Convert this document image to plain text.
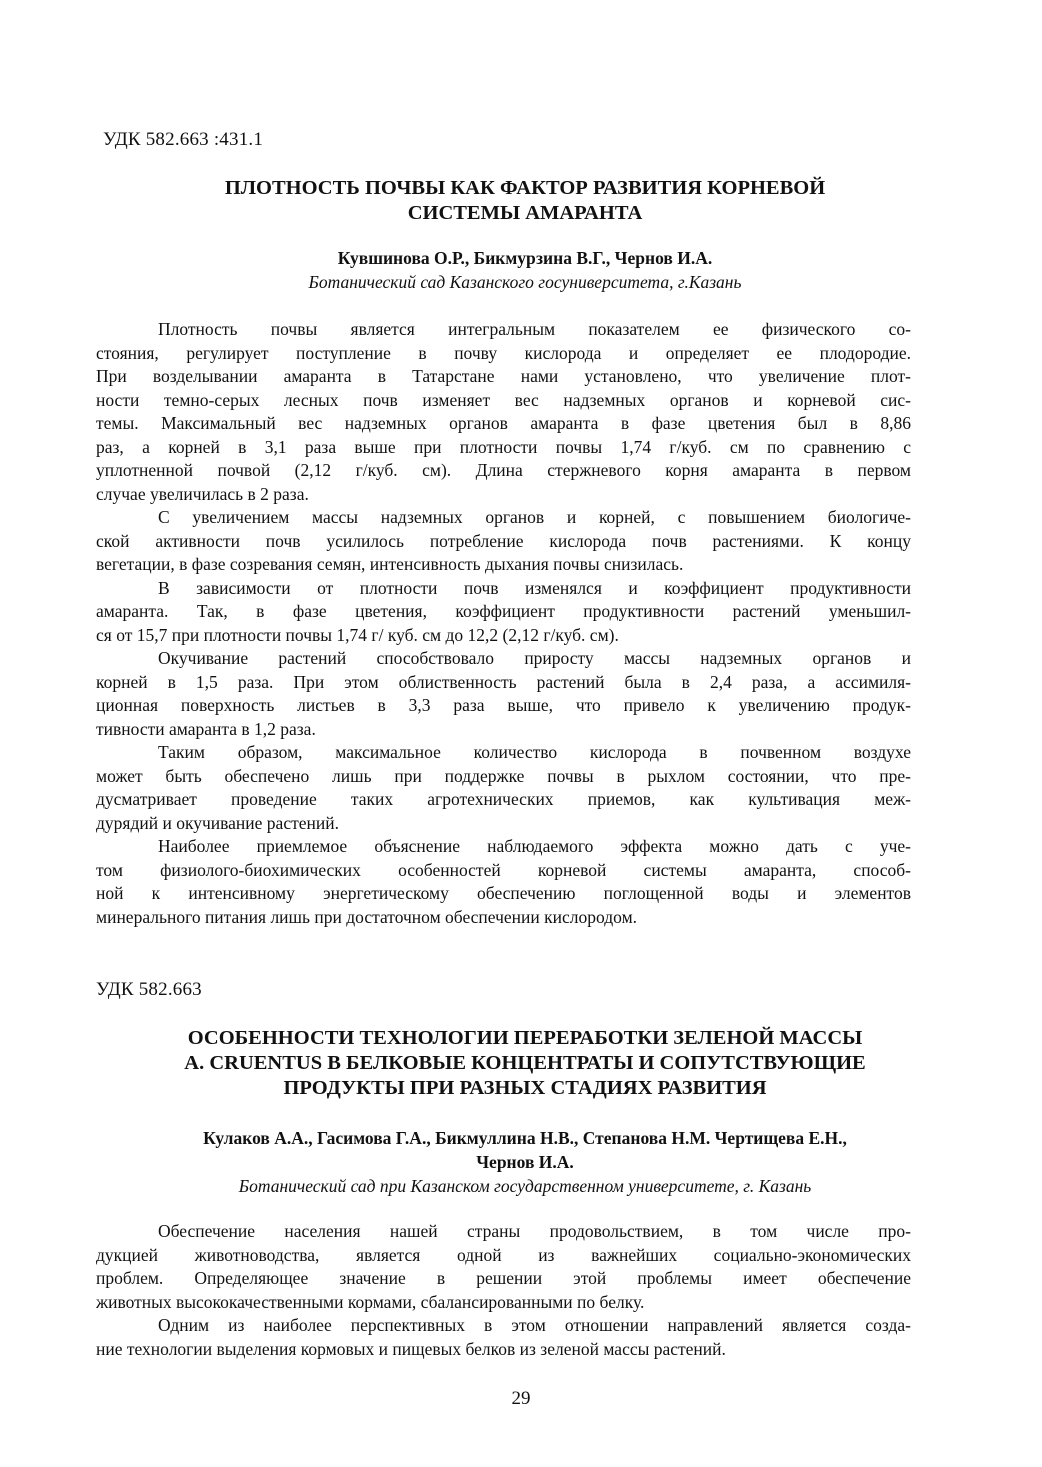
УДК 582.663 :431.1
ПЛОТНОСТЬ ПОЧВЫ КАК ФАКТОР РАЗВИТИЯ КОРНЕВОЙ
СИСТЕМЫ АМАРАНТА
Кувшинова О.Р., Бикмурзина В.Г., Чернов И.А.
Ботанический сад Казанского госуниверситета, г.Казань
Плотность почвы является интегральным показателем ее физического со-
стояния, регулирует поступление в почву кислорода и определяет ее плодородие.
При возделывании амаранта в Татарстане нами установлено, что увеличение плот-
ности темно-серых лесных почв изменяет вес надземных органов и корневой сис-
темы. Максимальный вес надземных органов амаранта в фазе цветения был в 8,86
раз, а корней в 3,1 раза выше при плотности почвы 1,74 г/куб. см по сравнению с
уплотненной почвой (2,12 г/куб. см). Длина стержневого корня амаранта в первом
случае увеличилась в 2 раза.
С увеличением массы надземных органов и корней, с повышением биологиче-
ской активности почв усилилось потребление кислорода почв растениями. К концу
вегетации, в фазе созревания семян, интенсивность дыхания почвы снизилась.
В зависимости от плотности почв изменялся и коэффициент продуктивности
амаранта. Так, в фазе цветения, коэффициент продуктивности растений уменьшил-
ся от 15,7 при плотности почвы 1,74 г/ куб. см до 12,2 (2,12 г/куб. см).
Окучивание растений способствовало приросту массы надземных органов и
корней в 1,5 раза. При этом облиственность растений была в 2,4 раза, а ассимиля-
ционная поверхность листьев в 3,3 раза выше, что привело к увеличению продук-
тивности амаранта в 1,2 раза.
Таким образом, максимальное количество кислорода в почвенном воздухе
может быть обеспечено лишь при поддержке почвы в рыхлом состоянии, что пре-
дусматривает проведение таких агротехнических приемов, как культивация меж-
дурядий и окучивание растений.
Наиболее приемлемое объяснение наблюдаемого эффекта можно дать с уче-
том физиолого-биохимических особенностей корневой системы амаранта, способ-
ной к интенсивному энергетическому обеспечению поглощенной воды и элементов
минерального питания лишь при достаточном обеспечении кислородом.
УДК 582.663
ОСОБЕННОСТИ ТЕХНОЛОГИИ ПЕРЕРАБОТКИ ЗЕЛЕНОЙ МАССЫ
A. CRUENTUS В БЕЛКОВЫЕ КОНЦЕНТРАТЫ И СОПУТСТВУЮЩИЕ
ПРОДУКТЫ ПРИ РАЗНЫХ СТАДИЯХ РАЗВИТИЯ
Кулаков А.А., Гасимова Г.А., Бикмуллина Н.В., Степанова Н.М. Чертищева Е.Н.,
Чернов И.А.
Ботанический сад при Казанском государственном университете, г. Казань
Обеспечение населения нашей страны продовольствием, в том числе про-
дукцией животноводства, является одной из важнейших социально-экономических
проблем. Определяющее значение в решении этой проблемы имеет обеспечение
животных высококачественными кормами, сбалансированными по белку.
Одним из наиболее перспективных в этом отношении направлений является созда-
ние технологии выделения кормовых и пищевых белков из зеленой массы растений.
29
